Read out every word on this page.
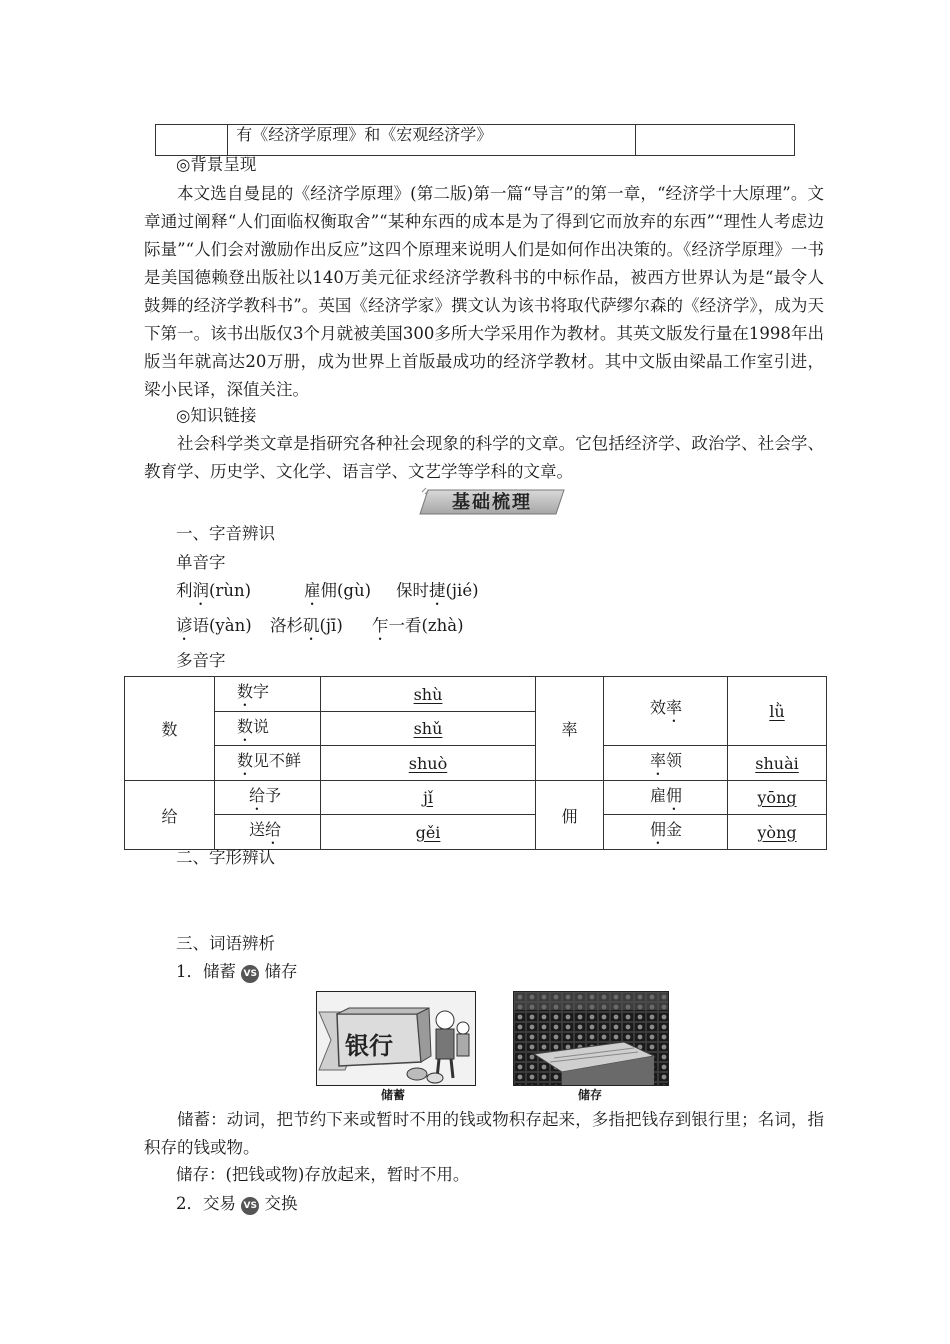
	有《经济学原理》和《宏观经济学》	
◎背景呈现

本文选自曼昆的《经济学原理》(第二版)第一篇“导言”的第一章，“经济学十大原理”。文章通过阐释“人们面临权衡取舍”“某种东西的成本是为了得到它而放弃的东西”“理性人考虑边际量”“人们会对激励作出反应”这四个原理来说明人们是如何作出决策的。《经济学原理》一书是美国德赖登出版社以140万美元征求经济学教科书的中标作品，被西方世界认为是“最令人鼓舞的经济学教科书”。英国《经济学家》撰文认为该书将取代萨缪尔森的《经济学》，成为天下第一。该书出版仅3个月就被美国300多所大学采用作为教材。其英文版发行量在1998年出版当年就高达20万册，成为世界上首版最成功的经济学教材。其中文版由梁晶工作室引进，梁小民译，深值关注。

◎知识链接

社会科学类文章是指研究各种社会现象的科学的文章。它包括经济学、政治学、社会学、教育学、历史学、文化学、语言学、文艺学等学科的文章。

基础梳理
一、字音辨识
单音字
利润(rùn)	雇佣(gù) 保时捷(jié)
谚语(yàn) 洛杉矶(jī) 乍一看(zhà)
多音字
数	数字	shù	率	效率	lǜ
	数说	shǔ			
	数见不鲜	shuò		率领	shuài
给	给予	jǐ	佣	雇佣	yōng
	送给	gěi		佣金	yòng
二、字形辨认
三、词语辨析
1．储蓄 VS 储存
银行
储蓄	储存

储蓄：动词，把节约下来或暂时不用的钱或物积存起来，多指把钱存到银行里；名词，指积存的钱或物。

储存：(把钱或物)存放起来，暂时不用。
2．交易 VS 交换
